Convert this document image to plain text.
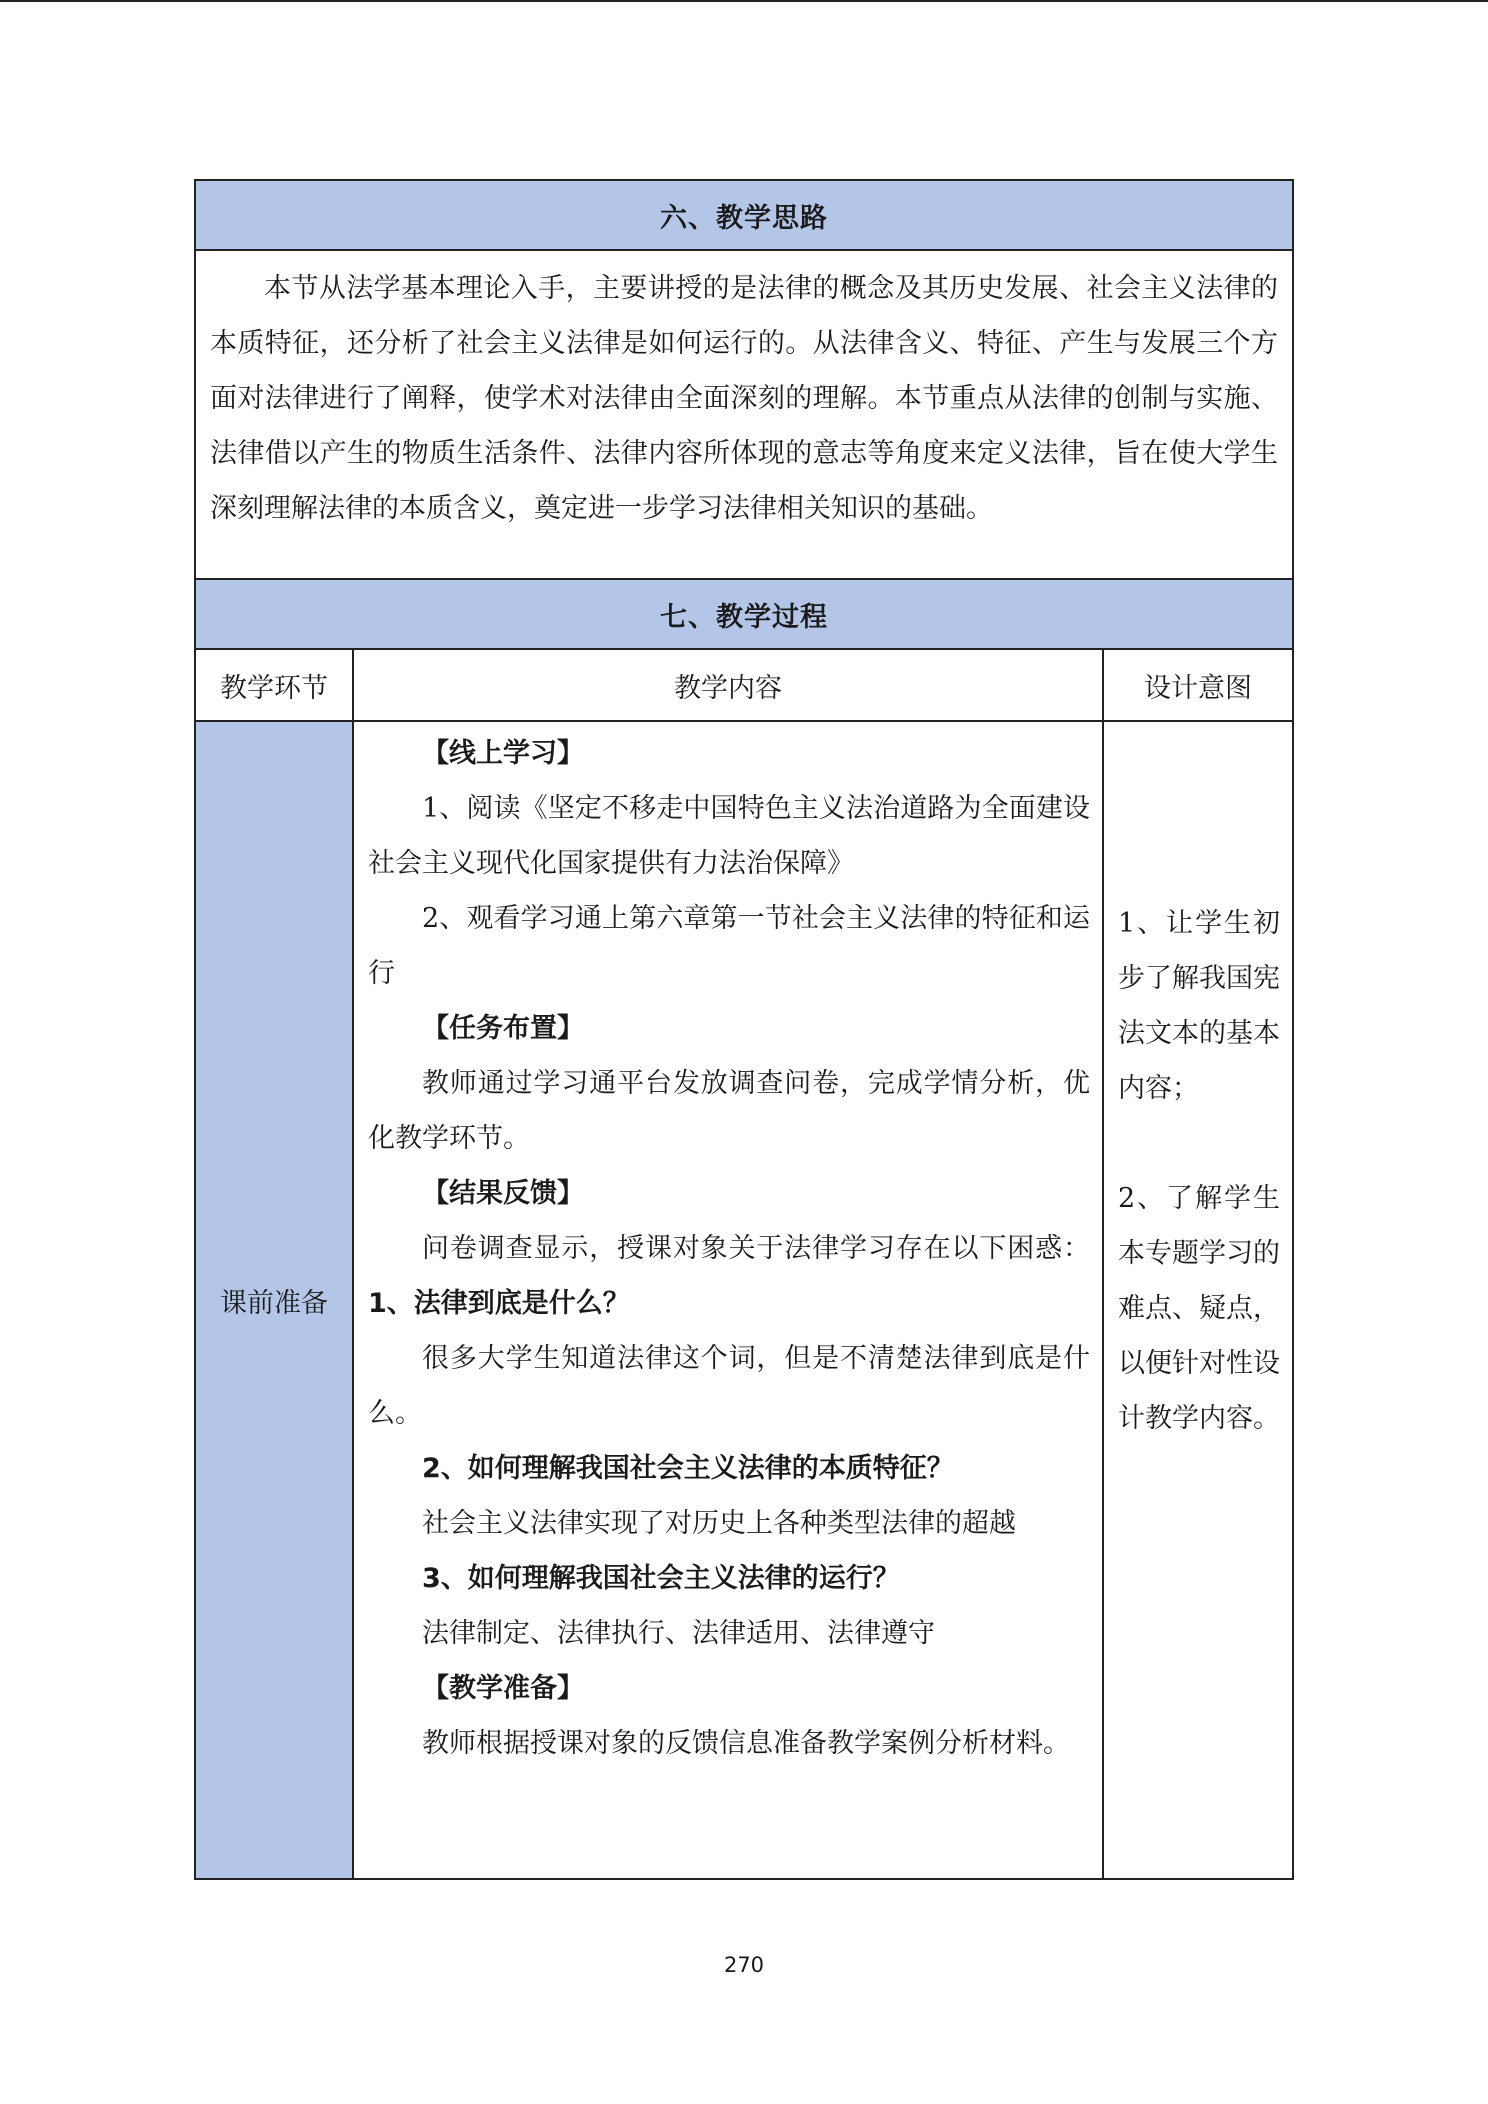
六、教学思路
本节从法学基本理论入手，主要讲授的是法律的概念及其历史发展、社会主义法律的本质特征，还分析了社会主义法律是如何运行的。从法律含义、特征、产生与发展三个方面对法律进行了阐释，使学术对法律由全面深刻的理解。本节重点从法律的创制与实施、法律借以产生的物质生活条件、法律内容所体现的意志等角度来定义法律，旨在使大学生深刻理解法律的本质含义，奠定进一步学习法律相关知识的基础。
七、教学过程
教学环节	教学内容	设计意图
课前准备

【线上学习】

1、阅读《坚定不移走中国特色主义法治道路为全面建设社会主义现代化国家提供有力法治保障》

2、观看学习通上第六章第一节社会主义法律的特征和运行

【任务布置】

教师通过学习通平台发放调查问卷，完成学情分析，优化教学环节。

【结果反馈】

问卷调查显示，授课对象关于法律学习存在以下困惑：1、法律到底是什么？

很多大学生知道法律这个词，但是不清楚法律到底是什么。

2、如何理解我国社会主义法律的本质特征？

社会主义法律实现了对历史上各种类型法律的超越

3、如何理解我国社会主义法律的运行？

法律制定、法律执行、法律适用、法律遵守

【教学准备】

教师根据授课对象的反馈信息准备教学案例分析材料。

1、让学生初步了解我国宪法文本的基本内容；

2、了解学生本专题学习的难点、疑点，以便针对性设计教学内容。

270
